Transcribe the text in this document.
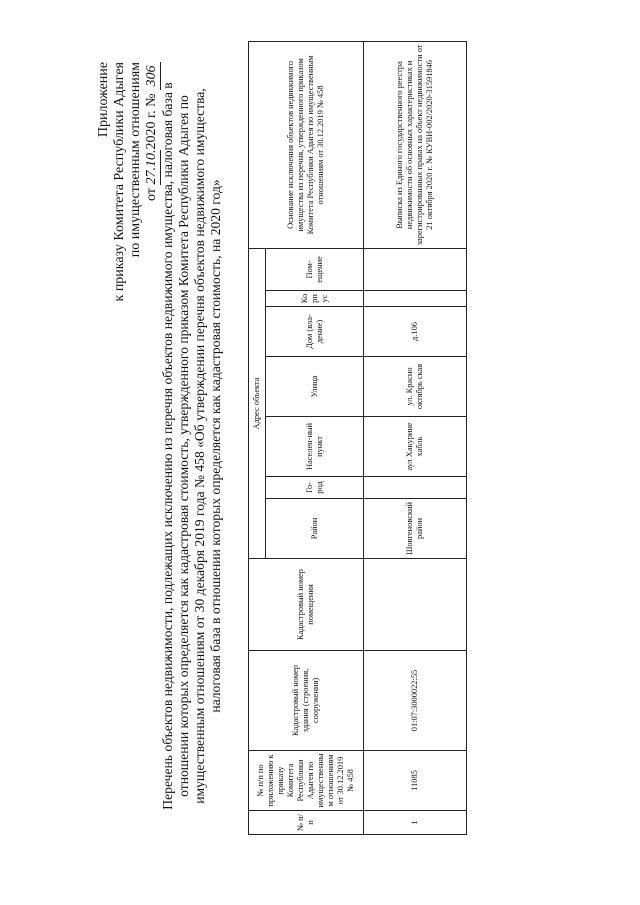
Приложение к приказу Комитета Республики Адыгея по имущественным отношениям от 27.10.2020 г. № 306
Перечень объектов недвижимости, подлежащих исключению из перечня объектов недвижимого имущества, налоговая база в отношении которых определяется как кадастровая стоимость, утвержденного приказом Комитета Республики Адыгея по имущественным отношениям от 30 декабря 2019 года № 458 «Об утверждении перечня объектов недвижимого имущества, налоговая база в отношении которых определяется как кадастровая стоимость, на 2020 год»
№ п/п	№ п/п по приложению к приказу Комитета Республики Адыгея по имущественным отношениям от 30.12.2019 № 458	Кадастровый номер здания (строения, сооружения)	Кадастровый номер помещения	Адрес объекта							Основание исключения объектов недвижимого имущества из перечня, утвержденного приказом Комитета Республики Адыгея по имущественным отношениям от 30.12.2019 № 458
				Район	Го-род	Населен-ный пункт	Улица	Дом (вла-дение)	Корпус	Пом-ещение	
1	11085	01:07:3000022:55		Шовгеновский район		аул Хакурине хабль	ул. Красно октябрь ская	д.106			Выписка из Единого государственного реестра недвижимости об основных характеристиках и зарегистрированных правах на объект недвижимости от 21 октября 2020 г. № КУВИ-002/2020-31591846
